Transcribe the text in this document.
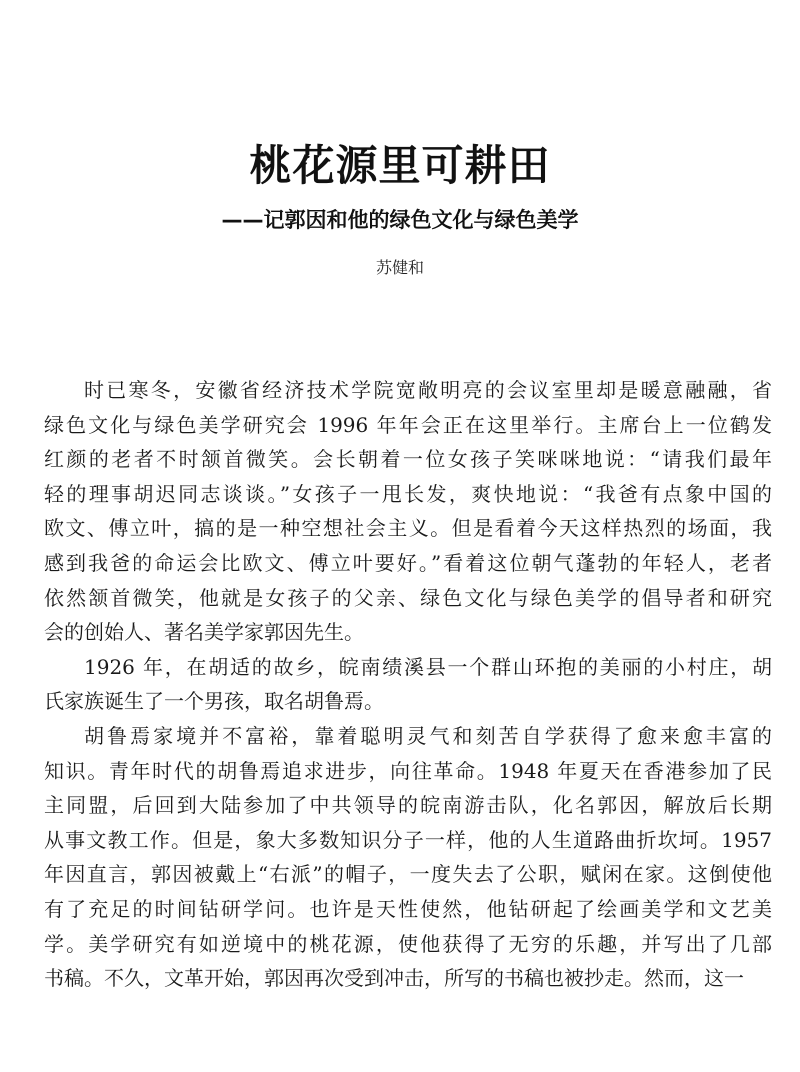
桃花源里可耕田
——记郭因和他的绿色文化与绿色美学
苏健和
时已寒冬，安徽省经济技术学院宽敞明亮的会议室里却是暖意融融，省
绿色文化与绿色美学研究会 1996 年年会正在这里举行。主席台上一位鹤发
红颜的老者不时颔首微笑。会长朝着一位女孩子笑咪咪地说：“请我们最年
轻的理事胡迟同志谈谈。”女孩子一甩长发，爽快地说：“我爸有点象中国的
欧文、傅立叶，搞的是一种空想社会主义。但是看着今天这样热烈的场面，我
感到我爸的命运会比欧文、傅立叶要好。”看着这位朝气蓬勃的年轻人，老者
依然颔首微笑，他就是女孩子的父亲、绿色文化与绿色美学的倡导者和研究
会的创始人、著名美学家郭因先生。
1926 年，在胡适的故乡，皖南绩溪县一个群山环抱的美丽的小村庄，胡
氏家族诞生了一个男孩，取名胡鲁焉。
胡鲁焉家境并不富裕，靠着聪明灵气和刻苦自学获得了愈来愈丰富的
知识。青年时代的胡鲁焉追求进步，向往革命。1948 年夏天在香港参加了民
主同盟，后回到大陆参加了中共领导的皖南游击队，化名郭因，解放后长期
从事文教工作。但是，象大多数知识分子一样，他的人生道路曲折坎坷。1957
年因直言，郭因被戴上“右派”的帽子，一度失去了公职，赋闲在家。这倒使他
有了充足的时间钻研学问。也许是天性使然，他钻研起了绘画美学和文艺美
学。美学研究有如逆境中的桃花源，使他获得了无穷的乐趣，并写出了几部
书稿。不久，文革开始，郭因再次受到冲击，所写的书稿也被抄走。然而，这一
